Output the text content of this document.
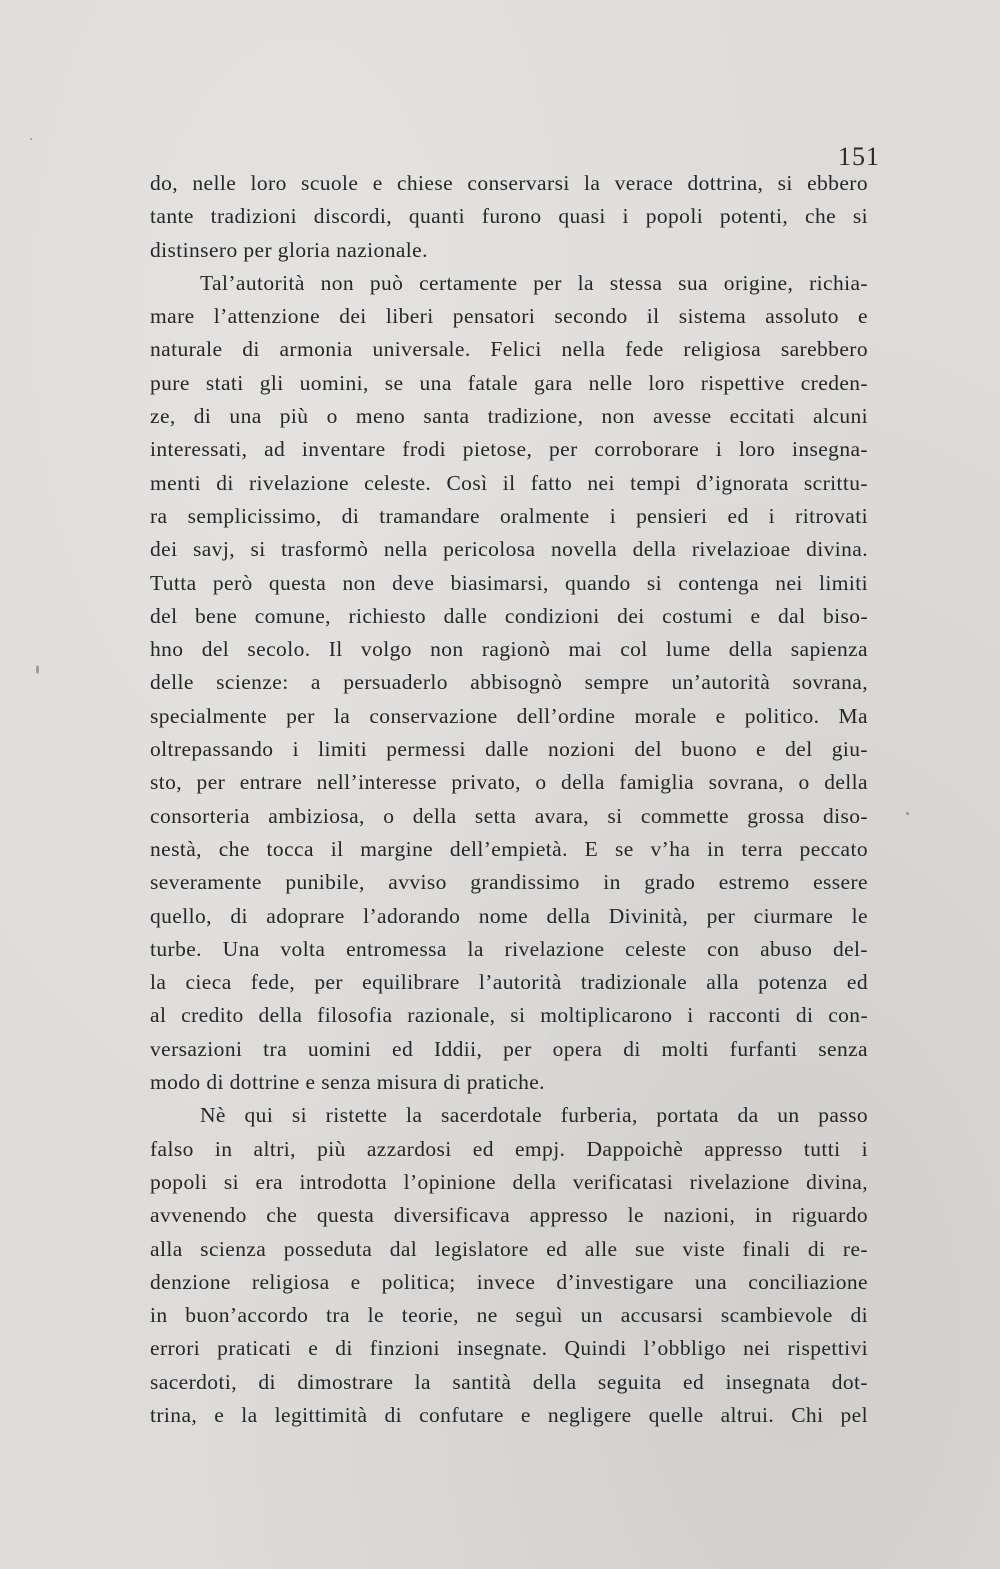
151
do, nelle loro scuole e chiese conservarsi la verace dottrina, si ebbero
tante tradizioni discordi, quanti furono quasi i popoli potenti, che si
distinsero per gloria nazionale.
Tal’autorità non può certamente per la stessa sua origine, richia-
mare l’attenzione dei liberi pensatori secondo il sistema assoluto e
naturale di armonia universale. Felici nella fede religiosa sarebbero
pure stati gli uomini, se una fatale gara nelle loro rispettive creden-
ze, di una più o meno santa tradizione, non avesse eccitati alcuni
interessati, ad inventare frodi pietose, per corroborare i loro insegna-
menti di rivelazione celeste. Così il fatto nei tempi d’ignorata scrittu-
ra semplicissimo, di tramandare oralmente i pensieri ed i ritrovati
dei savj, si trasformò nella pericolosa novella della rivelazioae divina.
Tutta però questa non deve biasimarsi, quando si contenga nei limiti
del bene comune, richiesto dalle condizioni dei costumi e dal biso-
hno del secolo. Il volgo non ragionò mai col lume della sapienza
delle scienze: a persuaderlo abbisognò sempre un’autorità sovrana,
specialmente per la conservazione dell’ordine morale e politico. Ma
oltrepassando i limiti permessi dalle nozioni del buono e del giu-
sto, per entrare nell’interesse privato, o della famiglia sovrana, o della
consorteria ambiziosa, o della setta avara, si commette grossa diso-
nestà, che tocca il margine dell’empietà. E se v’ha in terra peccato
severamente punibile, avviso grandissimo in grado estremo essere
quello, di adoprare l’adorando nome della Divinità, per ciurmare le
turbe. Una volta entromessa la rivelazione celeste con abuso del-
la cieca fede, per equilibrare l’autorità tradizionale alla potenza ed
al credito della filosofia razionale, si moltiplicarono i racconti di con-
versazioni tra uomini ed Iddii, per opera di molti furfanti senza
modo di dottrine e senza misura di pratiche.
Nè qui si ristette la sacerdotale furberia, portata da un passo
falso in altri, più azzardosi ed empj. Dappoichè appresso tutti i
popoli si era introdotta l’opinione della verificatasi rivelazione divina,
avvenendo che questa diversificava appresso le nazioni, in riguardo
alla scienza posseduta dal legislatore ed alle sue viste finali di re-
denzione religiosa e politica; invece d’investigare una conciliazione
in buon’accordo tra le teorie, ne seguì un accusarsi scambievole di
errori praticati e di finzioni insegnate. Quindi l’obbligo nei rispettivi
sacerdoti, di dimostrare la santità della seguita ed insegnata dot-
trina, e la legittimità di confutare e negligere quelle altrui. Chi pel
